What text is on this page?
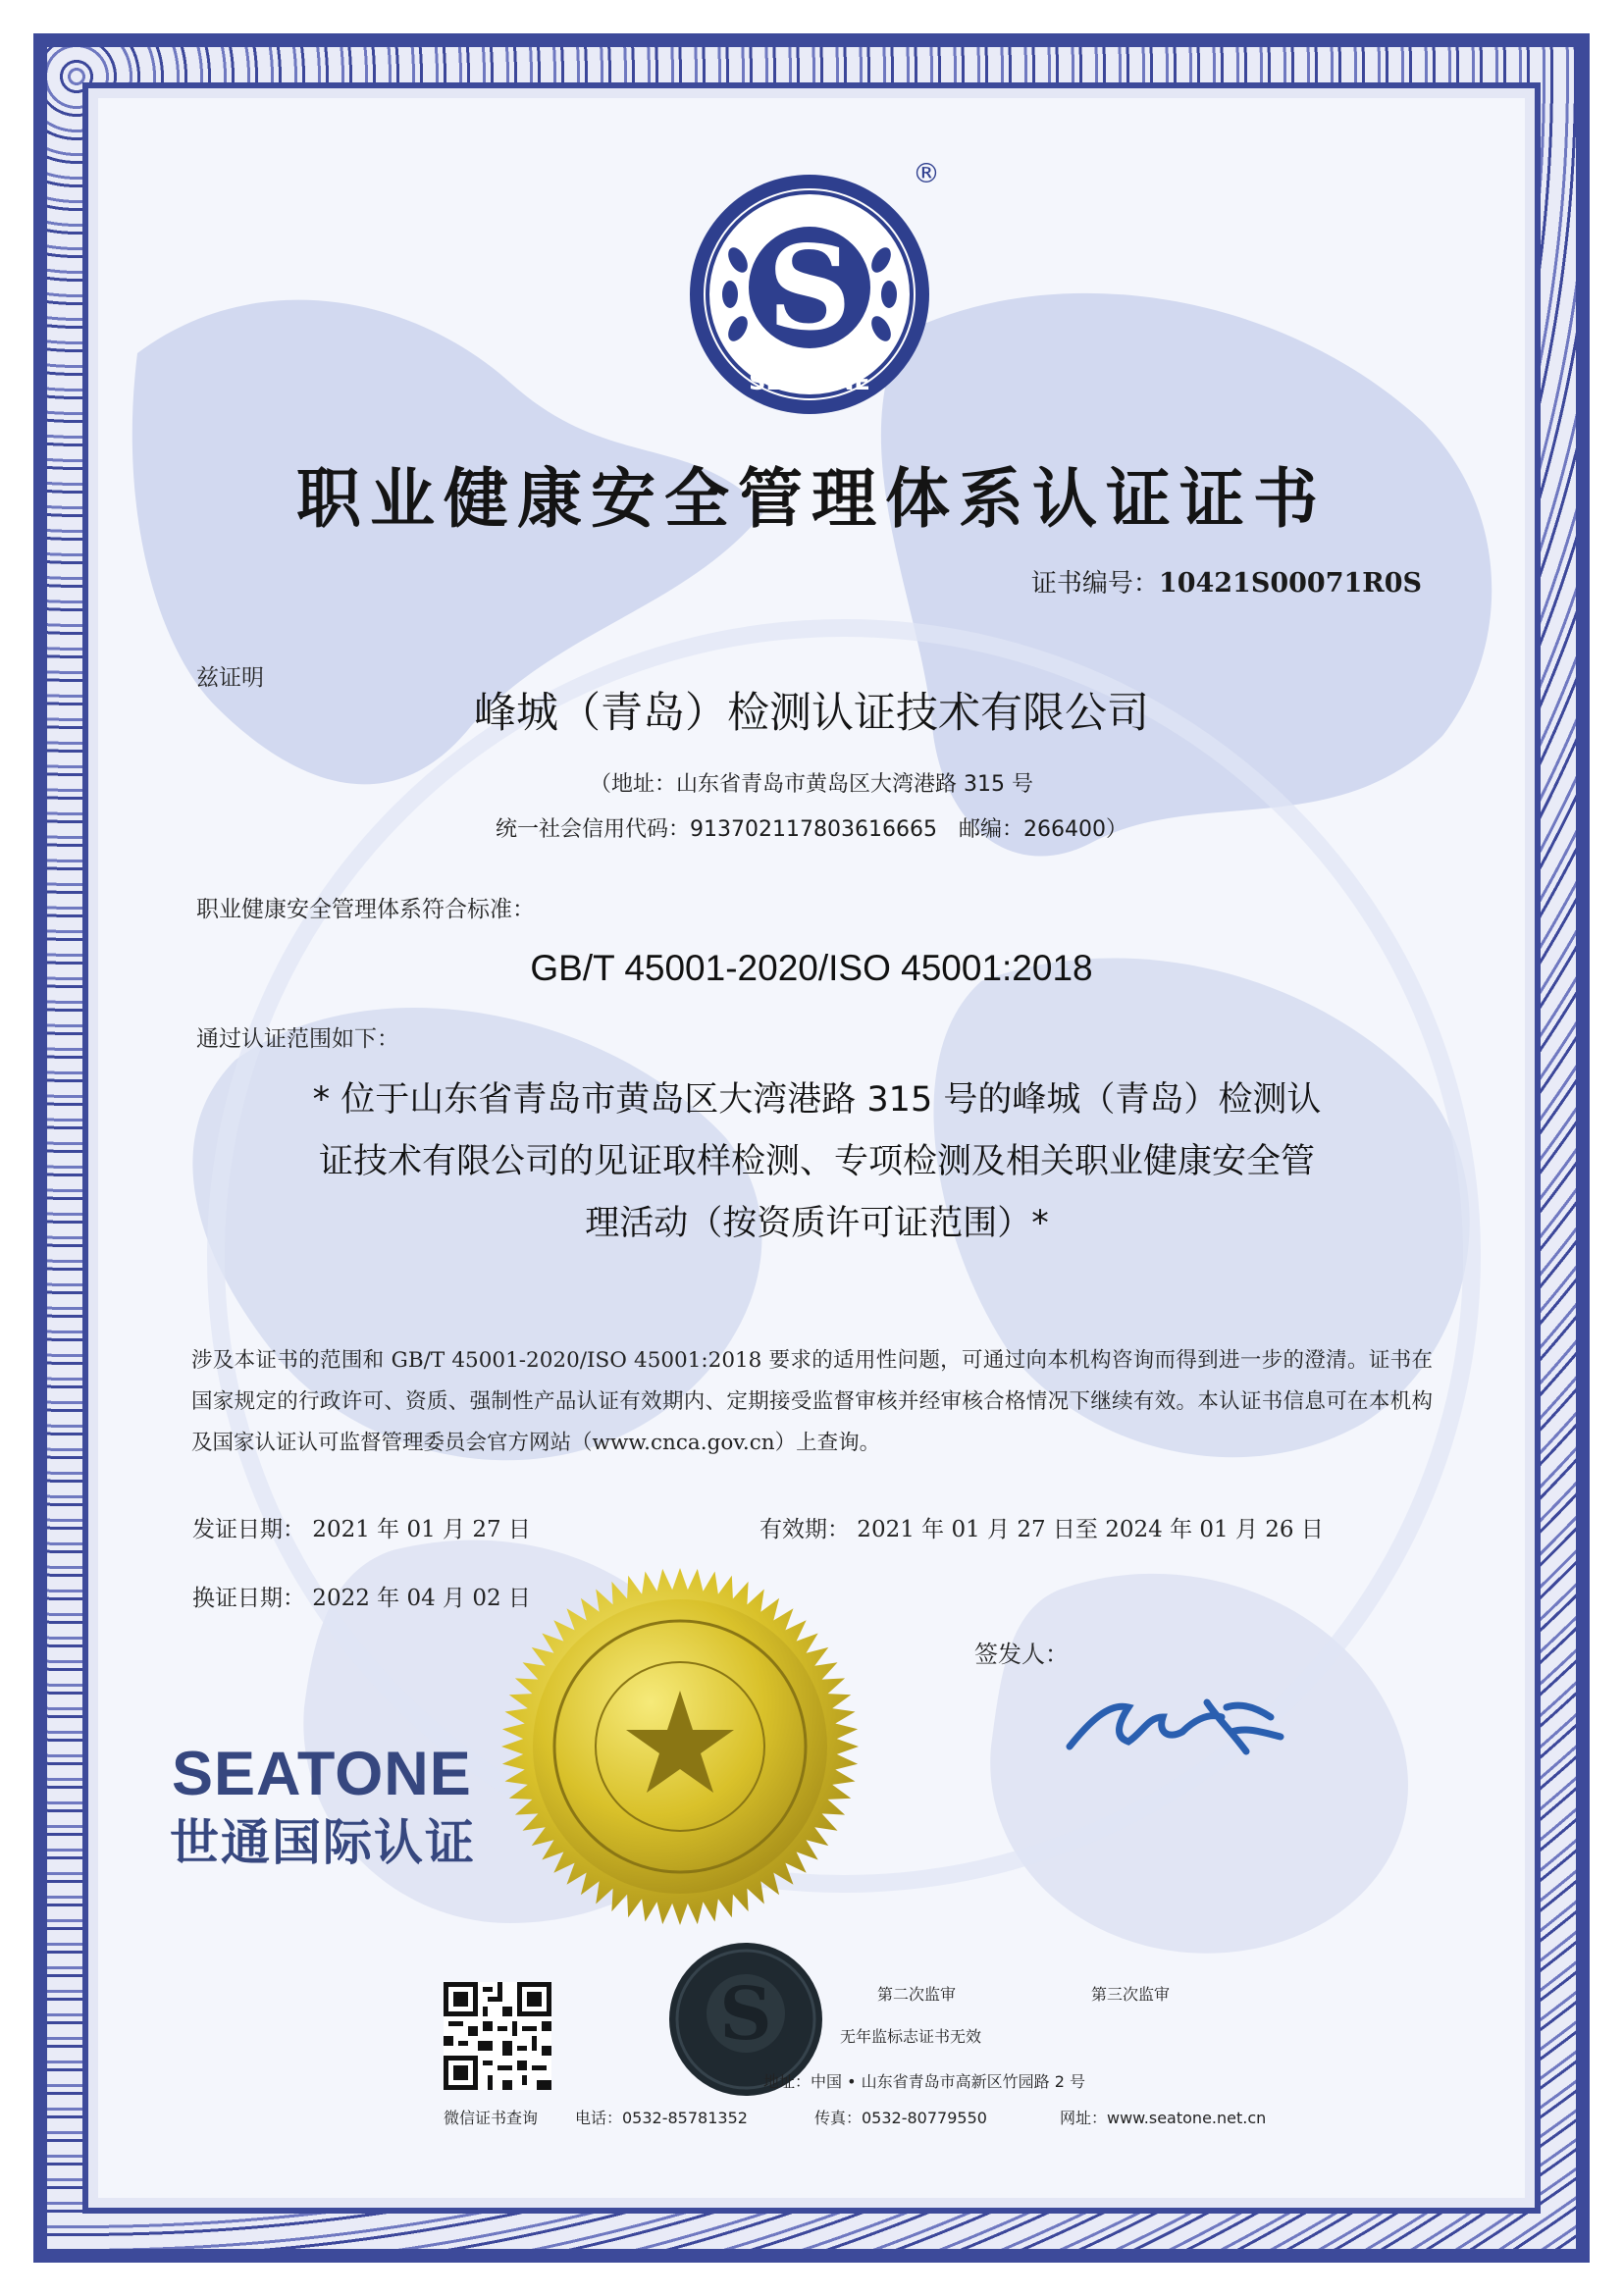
S
SEATONE
®
职业健康安全管理体系认证证书
证书编号：10421S00071R0S
兹证明
峰城（青岛）检测认证技术有限公司
（地址：山东省青岛市黄岛区大湾港路 315 号
统一社会信用代码：913702117803616665　邮编：266400）
职业健康安全管理体系符合标准：
GB/T 45001-2020/ISO 45001:2018
通过认证范围如下：
* 位于山东省青岛市黄岛区大湾港路 315 号的峰城（青岛）检测认
证技术有限公司的见证取样检测、专项检测及相关职业健康安全管
理活动（按资质许可证范围）*
涉及本证书的范围和 GB/T 45001-2020/ISO 45001:2018 要求的适用性问题，可通过向本机构咨询而得到进一步的澄清。证书在国家规定的行政许可、资质、强制性产品认证有效期内、定期接受监督审核并经审核合格情况下继续有效。本认证书信息可在本机构及国家认证认可监督管理委员会官方网站（www.cnca.gov.cn）上查询。
发证日期： 2021 年 01 月 27 日	有效期： 2021 年 01 月 27 日至 2024 年 01 月 26 日
换证日期： 2022 年 04 月 02 日
签发人：
SEATONE
世通国际认证
S	第二次监审	第三次监审
无年监标志证书无效
地址：中国 • 山东省青岛市高新区竹园路 2 号
微信证书查询 电话：0532-85781352	传真：0532-80779550	网址：www.seatone.net.cn
